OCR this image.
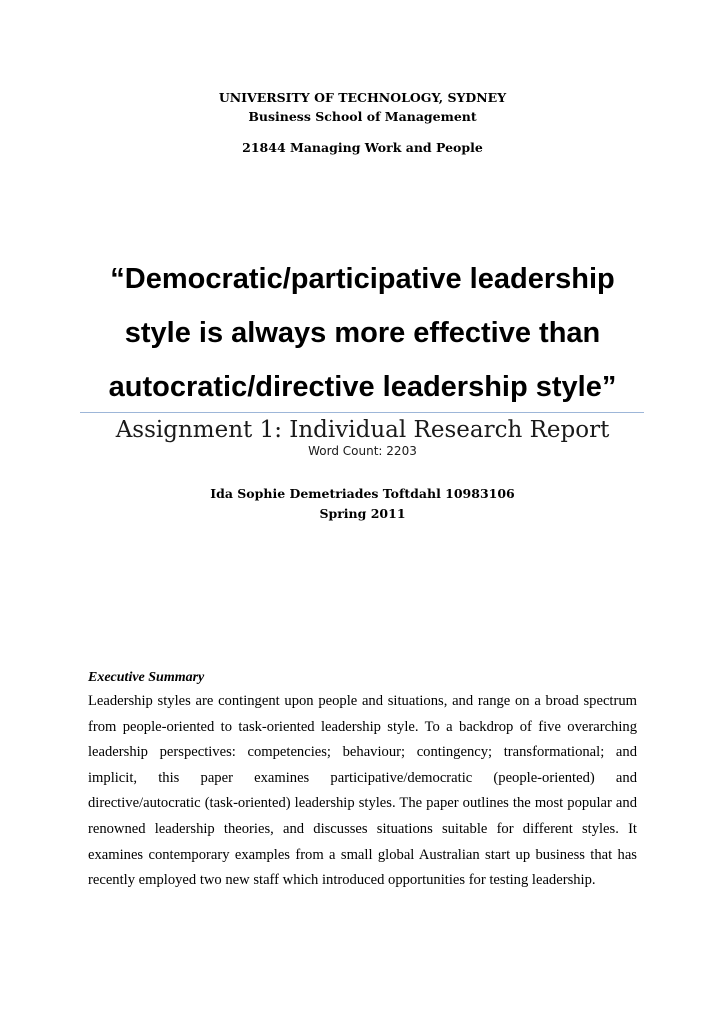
UNIVERSITY OF TECHNOLOGY, SYDNEY
Business School of Management
21844 Managing Work and People
“Democratic/participative leadership
style is always more effective than
autocratic/directive leadership style”
Assignment 1: Individual Research Report
Word Count: 2203
Ida Sophie Demetriades Toftdahl 10983106
Spring 2011
Executive Summary
Leadership styles are contingent upon people and situations, and range on a broad spectrum
from people-oriented to task-oriented leadership style. To a backdrop of five overarching
leadership perspectives: competencies; behaviour; contingency; transformational; and
implicit, this paper examines participative/democratic (people-oriented) and
directive/autocratic (task-oriented) leadership styles. The paper outlines the most popular and
renowned leadership theories, and discusses situations suitable for different styles. It
examines contemporary examples from a small global Australian start up business that has
recently employed two new staff which introduced opportunities for testing leadership.
